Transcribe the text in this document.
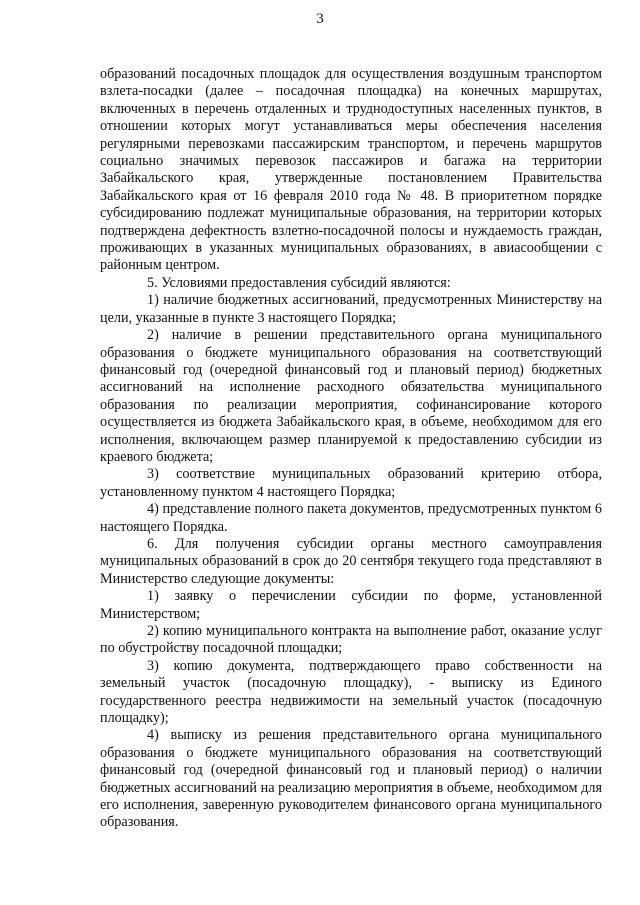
3

образований посадочных площадок для осуществления воздушным транспортом взлета-посадки (далее – посадочная площадка) на конечных маршрутах, включенных в перечень отдаленных и труднодоступных населенных пунктов, в отношении которых могут устанавливаться меры обеспечения населения регулярными перевозками пассажирским транспортом, и перечень маршрутов социально значимых перевозок пассажиров и багажа на территории Забайкальского края, утвержденные постановлением Правительства Забайкальского края от 16 февраля 2010 года № 48. В приоритетном порядке субсидированию подлежат муниципальные образования, на территории которых подтверждена дефектность взлетно-посадочной полосы и нуждаемость граждан, проживающих в указанных муниципальных образованиях, в авиасообщении с районным центром.

5. Условиями предоставления субсидий являются:

1) наличие бюджетных ассигнований, предусмотренных Министерству на цели, указанные в пункте 3 настоящего Порядка;

2) наличие в решении представительного органа муниципального образования о бюджете муниципального образования на соответствующий финансовый год (очередной финансовый год и плановый период) бюджетных ассигнований на исполнение расходного обязательства муниципального образования по реализации мероприятия, софинансирование которого осуществляется из бюджета Забайкальского края, в объеме, необходимом для его исполнения, включающем размер планируемой к предоставлению субсидии из краевого бюджета;

3) соответствие муниципальных образований критерию отбора, установленному пунктом 4 настоящего Порядка;

4) представление полного пакета документов, предусмотренных пунктом 6 настоящего Порядка.

6. Для получения субсидии органы местного самоуправления муниципальных образований в срок до 20 сентября текущего года представляют в Министерство следующие документы:

1) заявку о перечислении субсидии по форме, установленной Министерством;

2) копию муниципального контракта на выполнение работ, оказание услуг по обустройству посадочной площадки;

3) копию документа, подтверждающего право собственности на земельный участок (посадочную площадку), - выписку из Единого государственного реестра недвижимости на земельный участок (посадочную площадку);

4) выписку из решения представительного органа муниципального образования о бюджете муниципального образования на соответствующий финансовый год (очередной финансовый год и плановый период) о наличии бюджетных ассигнований на реализацию мероприятия в объеме, необходимом для его исполнения, заверенную руководителем финансового органа муниципального образования.
